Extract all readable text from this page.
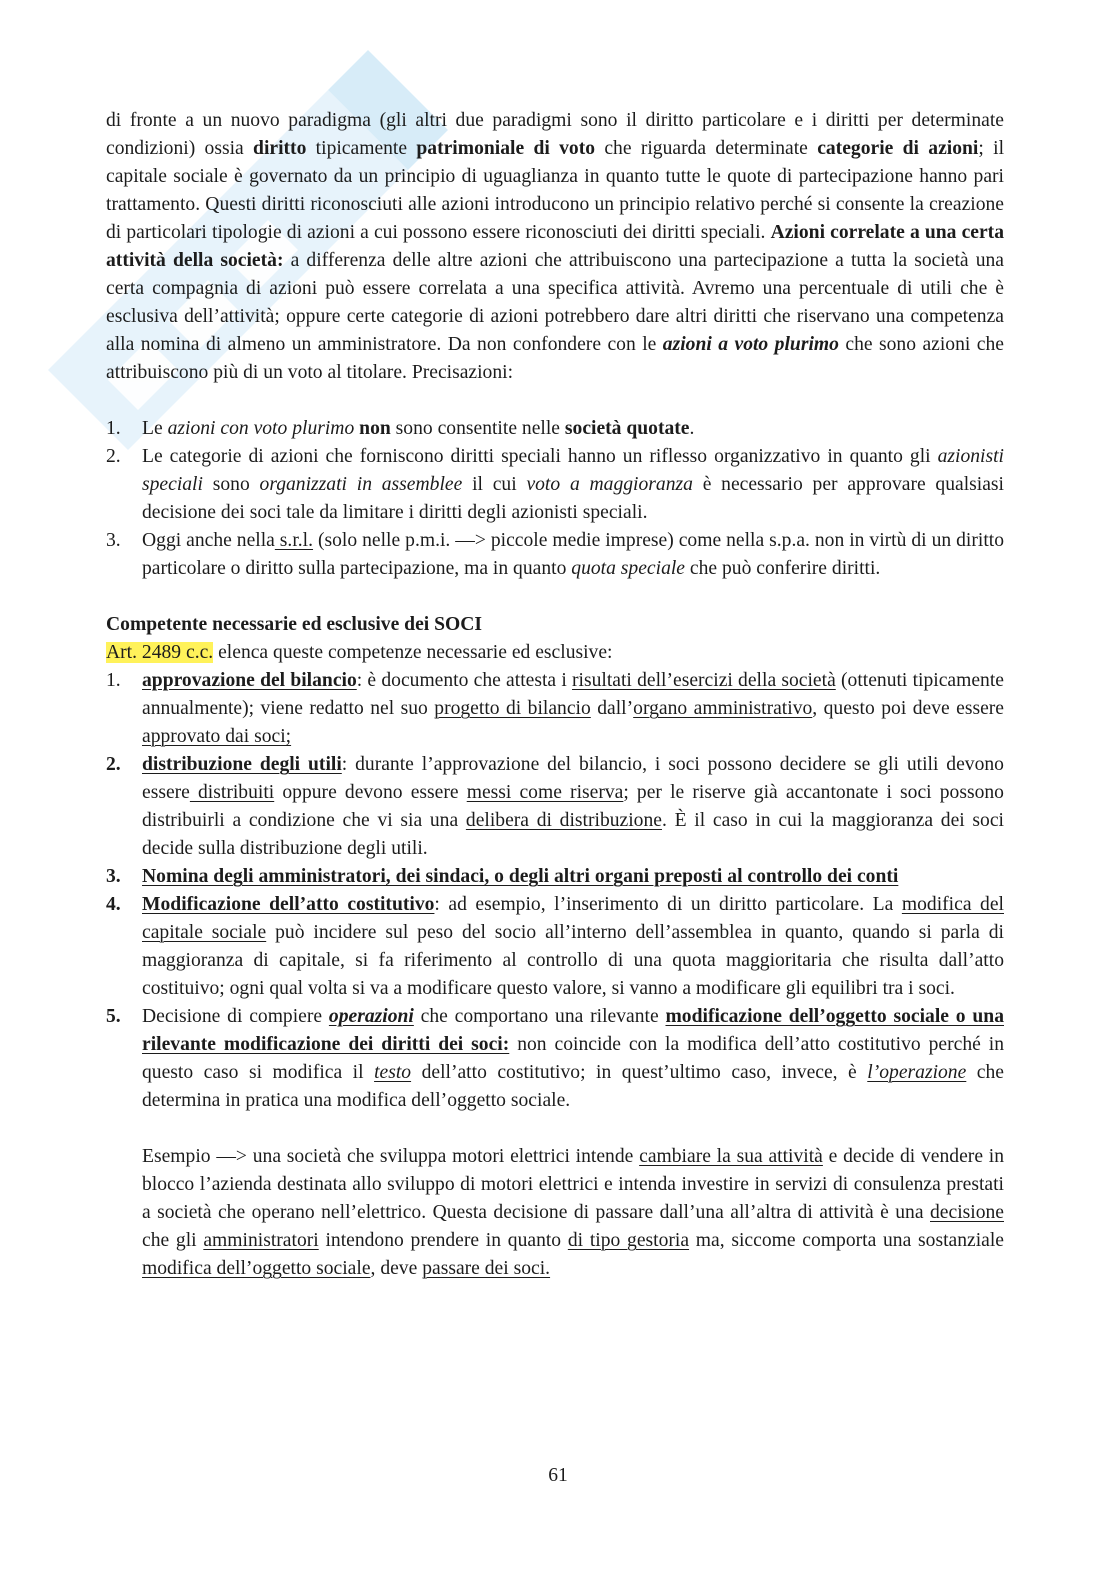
di fronte a un nuovo paradigma (gli altri due paradigmi sono il diritto particolare e i diritti per determinate condizioni) ossia diritto tipicamente patrimoniale di voto che riguarda determinate categorie di azioni; il capitale sociale è governato da un principio di uguaglianza in quanto tutte le quote di partecipazione hanno pari trattamento. Questi diritti riconosciuti alle azioni introducono un principio relativo perché si consente la creazione di particolari tipologie di azioni a cui possono essere riconosciuti dei diritti speciali. Azioni correlate a una certa attività della società: a differenza delle altre azioni che attribuiscono una partecipazione a tutta la società una certa compagnia di azioni può essere correlata a una specifica attività. Avremo una percentuale di utili che è esclusiva dell’attività; oppure certe categorie di azioni potrebbero dare altri diritti che riservano una competenza alla nomina di almeno un amministratore. Da non confondere con le azioni a voto plurimo che sono azioni che attribuiscono più di un voto al titolare. Precisazioni:

1. Le azioni con voto plurimo non sono consentite nelle società quotate.
2. Le categorie di azioni che forniscono diritti speciali hanno un riflesso organizzativo in quanto gli azionisti speciali sono organizzati in assemblee il cui voto a maggioranza è necessario per approvare qualsiasi decisione dei soci tale da limitare i diritti degli azionisti speciali.
3. Oggi anche nella s.r.l. (solo nelle p.m.i. —> piccole medie imprese) come nella s.p.a. non in virtù di un diritto particolare o diritto sulla partecipazione, ma in quanto quota speciale che può conferire diritti.

Competente necessarie ed esclusive dei SOCI

Art. 2489 c.c. elenca queste competenze necessarie ed esclusive:

1. approvazione del bilancio: è documento che attesta i risultati dell’esercizi della società (ottenuti tipicamente annualmente); viene redatto nel suo progetto di bilancio dall’organo amministrativo, questo poi deve essere approvato dai soci;
2. distribuzione degli utili: durante l’approvazione del bilancio, i soci possono decidere se gli utili devono essere distribuiti oppure devono essere messi come riserva; per le riserve già accantonate i soci possono distribuirli a condizione che vi sia una delibera di distribuzione. È il caso in cui la maggioranza dei soci decide sulla distribuzione degli utili.
3. Nomina degli amministratori, dei sindaci, o degli altri organi preposti al controllo dei conti
4. Modificazione dell’atto costitutivo: ad esempio, l’inserimento di un diritto particolare. La modifica del capitale sociale può incidere sul peso del socio all’interno dell’assemblea in quanto, quando si parla di maggioranza di capitale, si fa riferimento al controllo di una quota maggioritaria che risulta dall’atto costituivo; ogni qual volta si va a modificare questo valore, si vanno a modificare gli equilibri tra i soci.
5. Decisione di compiere operazioni che comportano una rilevante modificazione dell’oggetto sociale o una rilevante modificazione dei diritti dei soci: non coincide con la modifica dell’atto costitutivo perché in questo caso si modifica il testo dell’atto costitutivo; in quest’ultimo caso, invece, è l’operazione che determina in pratica una modifica dell’oggetto sociale.

Esempio —> una società che sviluppa motori elettrici intende cambiare la sua attività e decide di vendere in blocco l’azienda destinata allo sviluppo di motori elettrici e intenda investire in servizi di consulenza prestati a società che operano nell’elettrico. Questa decisione di passare dall’una all’altra di attività è una decisione che gli amministratori intendono prendere in quanto di tipo gestoria ma, siccome comporta una sostanziale modifica dell’oggetto sociale, deve passare dei soci.

61
